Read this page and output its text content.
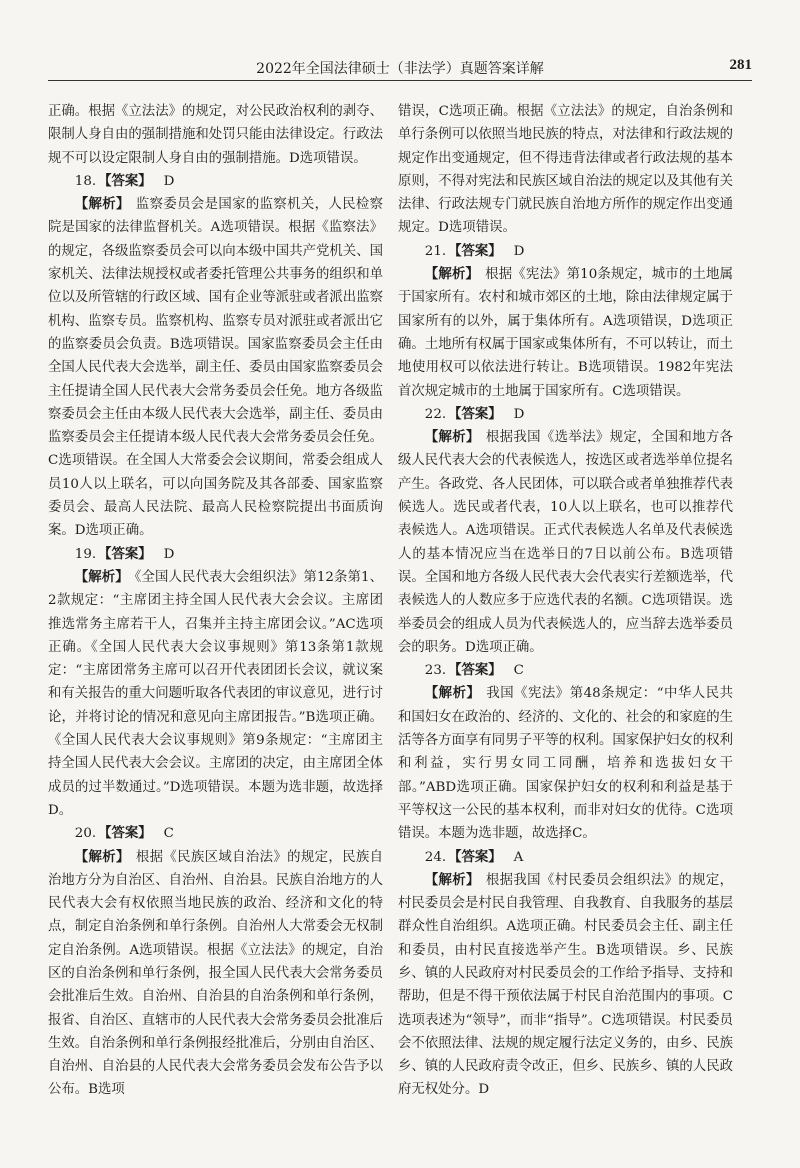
2022年全国法律硕士（非法学）真题答案详解	281

正确。根据《立法法》的规定，对公民政治权利的剥夺、限制人身自由的强制措施和处罚只能由法律设定。行政法规不可以设定限制人身自由的强制措施。D选项错误。

18. 【答案】 D

【解析】 监察委员会是国家的监察机关，人民检察院是国家的法律监督机关。A选项错误。根据《监察法》的规定，各级监察委员会可以向本级中国共产党机关、国家机关、法律法规授权或者委托管理公共事务的组织和单位以及所管辖的行政区域、国有企业等派驻或者派出监察机构、监察专员。监察机构、监察专员对派驻或者派出它的监察委员会负责。B选项错误。国家监察委员会主任由全国人民代表大会选举，副主任、委员由国家监察委员会主任提请全国人民代表大会常务委员会任免。地方各级监察委员会主任由本级人民代表大会选举，副主任、委员由监察委员会主任提请本级人民代表大会常务委员会任免。C选项错误。在全国人大常委会会议期间，常委会组成人员10人以上联名，可以向国务院及其各部委、国家监察委员会、最高人民法院、最高人民检察院提出书面质询案。D选项正确。

19. 【答案】 D

【解析】 《全国人民代表大会组织法》第12条第1、2款规定：“主席团主持全国人民代表大会会议。主席团推选常务主席若干人，召集并主持主席团会议。”AC选项正确。《全国人民代表大会议事规则》第13条第1款规定：“主席团常务主席可以召开代表团团长会议，就议案和有关报告的重大问题听取各代表团的审议意见，进行讨论，并将讨论的情况和意见向主席团报告。”B选项正确。《全国人民代表大会议事规则》第9条规定：“主席团主持全国人民代表大会会议。主席团的决定，由主席团全体成员的过半数通过。”D选项错误。本题为选非题，故选择D。

20. 【答案】 C

【解析】 根据《民族区域自治法》的规定，民族自治地方分为自治区、自治州、自治县。民族自治地方的人民代表大会有权依照当地民族的政治、经济和文化的特点，制定自治条例和单行条例。自治州人大常委会无权制定自治条例。A选项错误。根据《立法法》的规定，自治区的自治条例和单行条例，报全国人民代表大会常务委员会批准后生效。自治州、自治县的自治条例和单行条例，报省、自治区、直辖市的人民代表大会常务委员会批准后生效。自治条例和单行条例报经批准后，分别由自治区、自治州、自治县的人民代表大会常务委员会发布公告予以公布。B选项

错误，C选项正确。根据《立法法》的规定，自治条例和单行条例可以依照当地民族的特点，对法律和行政法规的规定作出变通规定，但不得违背法律或者行政法规的基本原则，不得对宪法和民族区域自治法的规定以及其他有关法律、行政法规专门就民族自治地方所作的规定作出变通规定。D选项错误。

21. 【答案】 D

【解析】 根据《宪法》第10条规定，城市的土地属于国家所有。农村和城市郊区的土地，除由法律规定属于国家所有的以外，属于集体所有。A选项错误，D选项正确。土地所有权属于国家或集体所有，不可以转让，而土地使用权可以依法进行转让。B选项错误。1982年宪法首次规定城市的土地属于国家所有。C选项错误。

22. 【答案】 D

【解析】 根据我国《选举法》规定，全国和地方各级人民代表大会的代表候选人，按选区或者选举单位提名产生。各政党、各人民团体，可以联合或者单独推荐代表候选人。选民或者代表，10人以上联名，也可以推荐代表候选人。A选项错误。正式代表候选人名单及代表候选人的基本情况应当在选举日的7日以前公布。B选项错误。全国和地方各级人民代表大会代表实行差额选举，代表候选人的人数应多于应选代表的名额。C选项错误。选举委员会的组成人员为代表候选人的，应当辞去选举委员会的职务。D选项正确。

23. 【答案】 C

【解析】 我国《宪法》第48条规定：“中华人民共和国妇女在政治的、经济的、文化的、社会的和家庭的生活等各方面享有同男子平等的权利。国家保护妇女的权利和利益，实行男女同工同酬，培养和选拔妇女干部。”ABD选项正确。国家保护妇女的权利和利益是基于平等权这一公民的基本权利，而非对妇女的优待。C选项错误。本题为选非题，故选择C。

24. 【答案】 A

【解析】 根据我国《村民委员会组织法》的规定，村民委员会是村民自我管理、自我教育、自我服务的基层群众性自治组织。A选项正确。村民委员会主任、副主任和委员，由村民直接选举产生。B选项错误。乡、民族乡、镇的人民政府对村民委员会的工作给予指导、支持和帮助，但是不得干预依法属于村民自治范围内的事项。C选项表述为“领导”，而非“指导”。C选项错误。村民委员会不依照法律、法规的规定履行法定义务的，由乡、民族乡、镇的人民政府责令改正，但乡、民族乡、镇的人民政府无权处分。D
